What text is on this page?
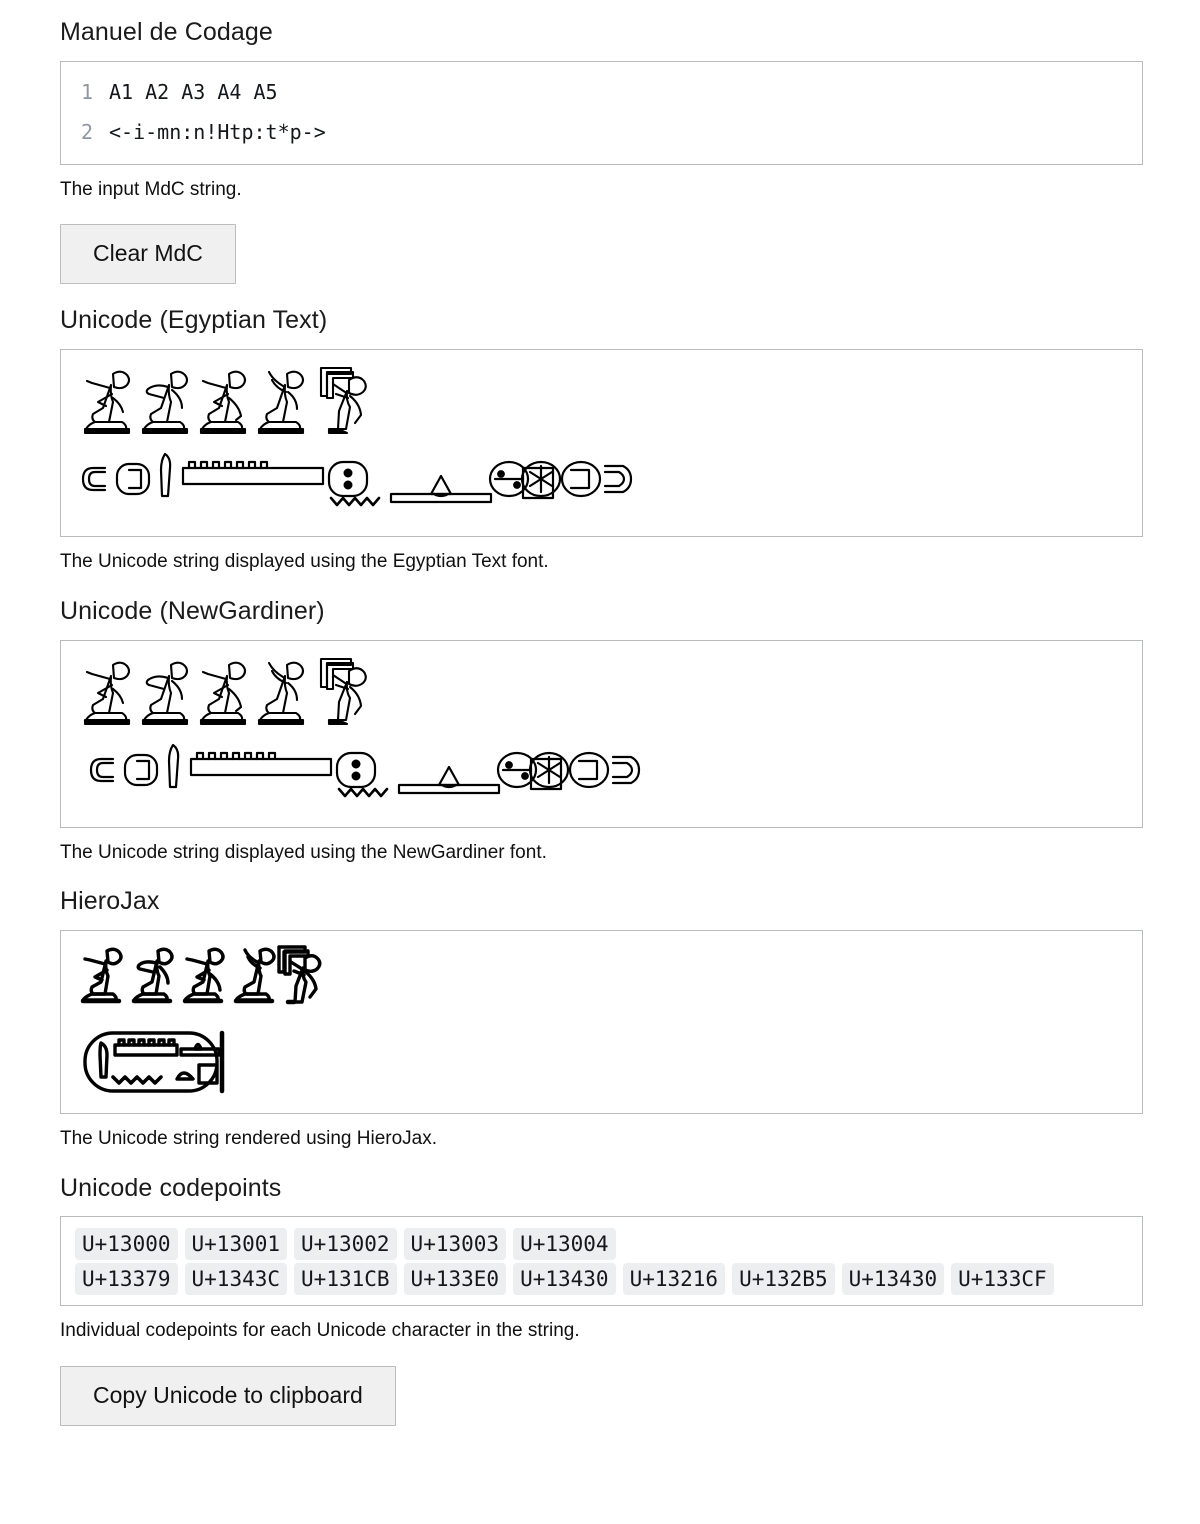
Manuel de Codage
1 A1 A2 A3 A4 A5
2 <-i-mn:n!Htp:t*p->

The input MdC string.

Clear MdC
Unicode (Egyptian Text)

The Unicode string displayed using the Egyptian Text font.

Unicode (NewGardiner)

The Unicode string displayed using the NewGardiner font.

HieroJax

The Unicode string rendered using HieroJax.

Unicode codepoints
U+13000	U+13001	U+13002	U+13003	U+13004
U+13379	U+1343C	U+131CB	U+133E0	U+13430	U+13216	U+132B5	U+13430	U+133CF

Individual codepoints for each Unicode character in the string.

Copy Unicode to clipboard
